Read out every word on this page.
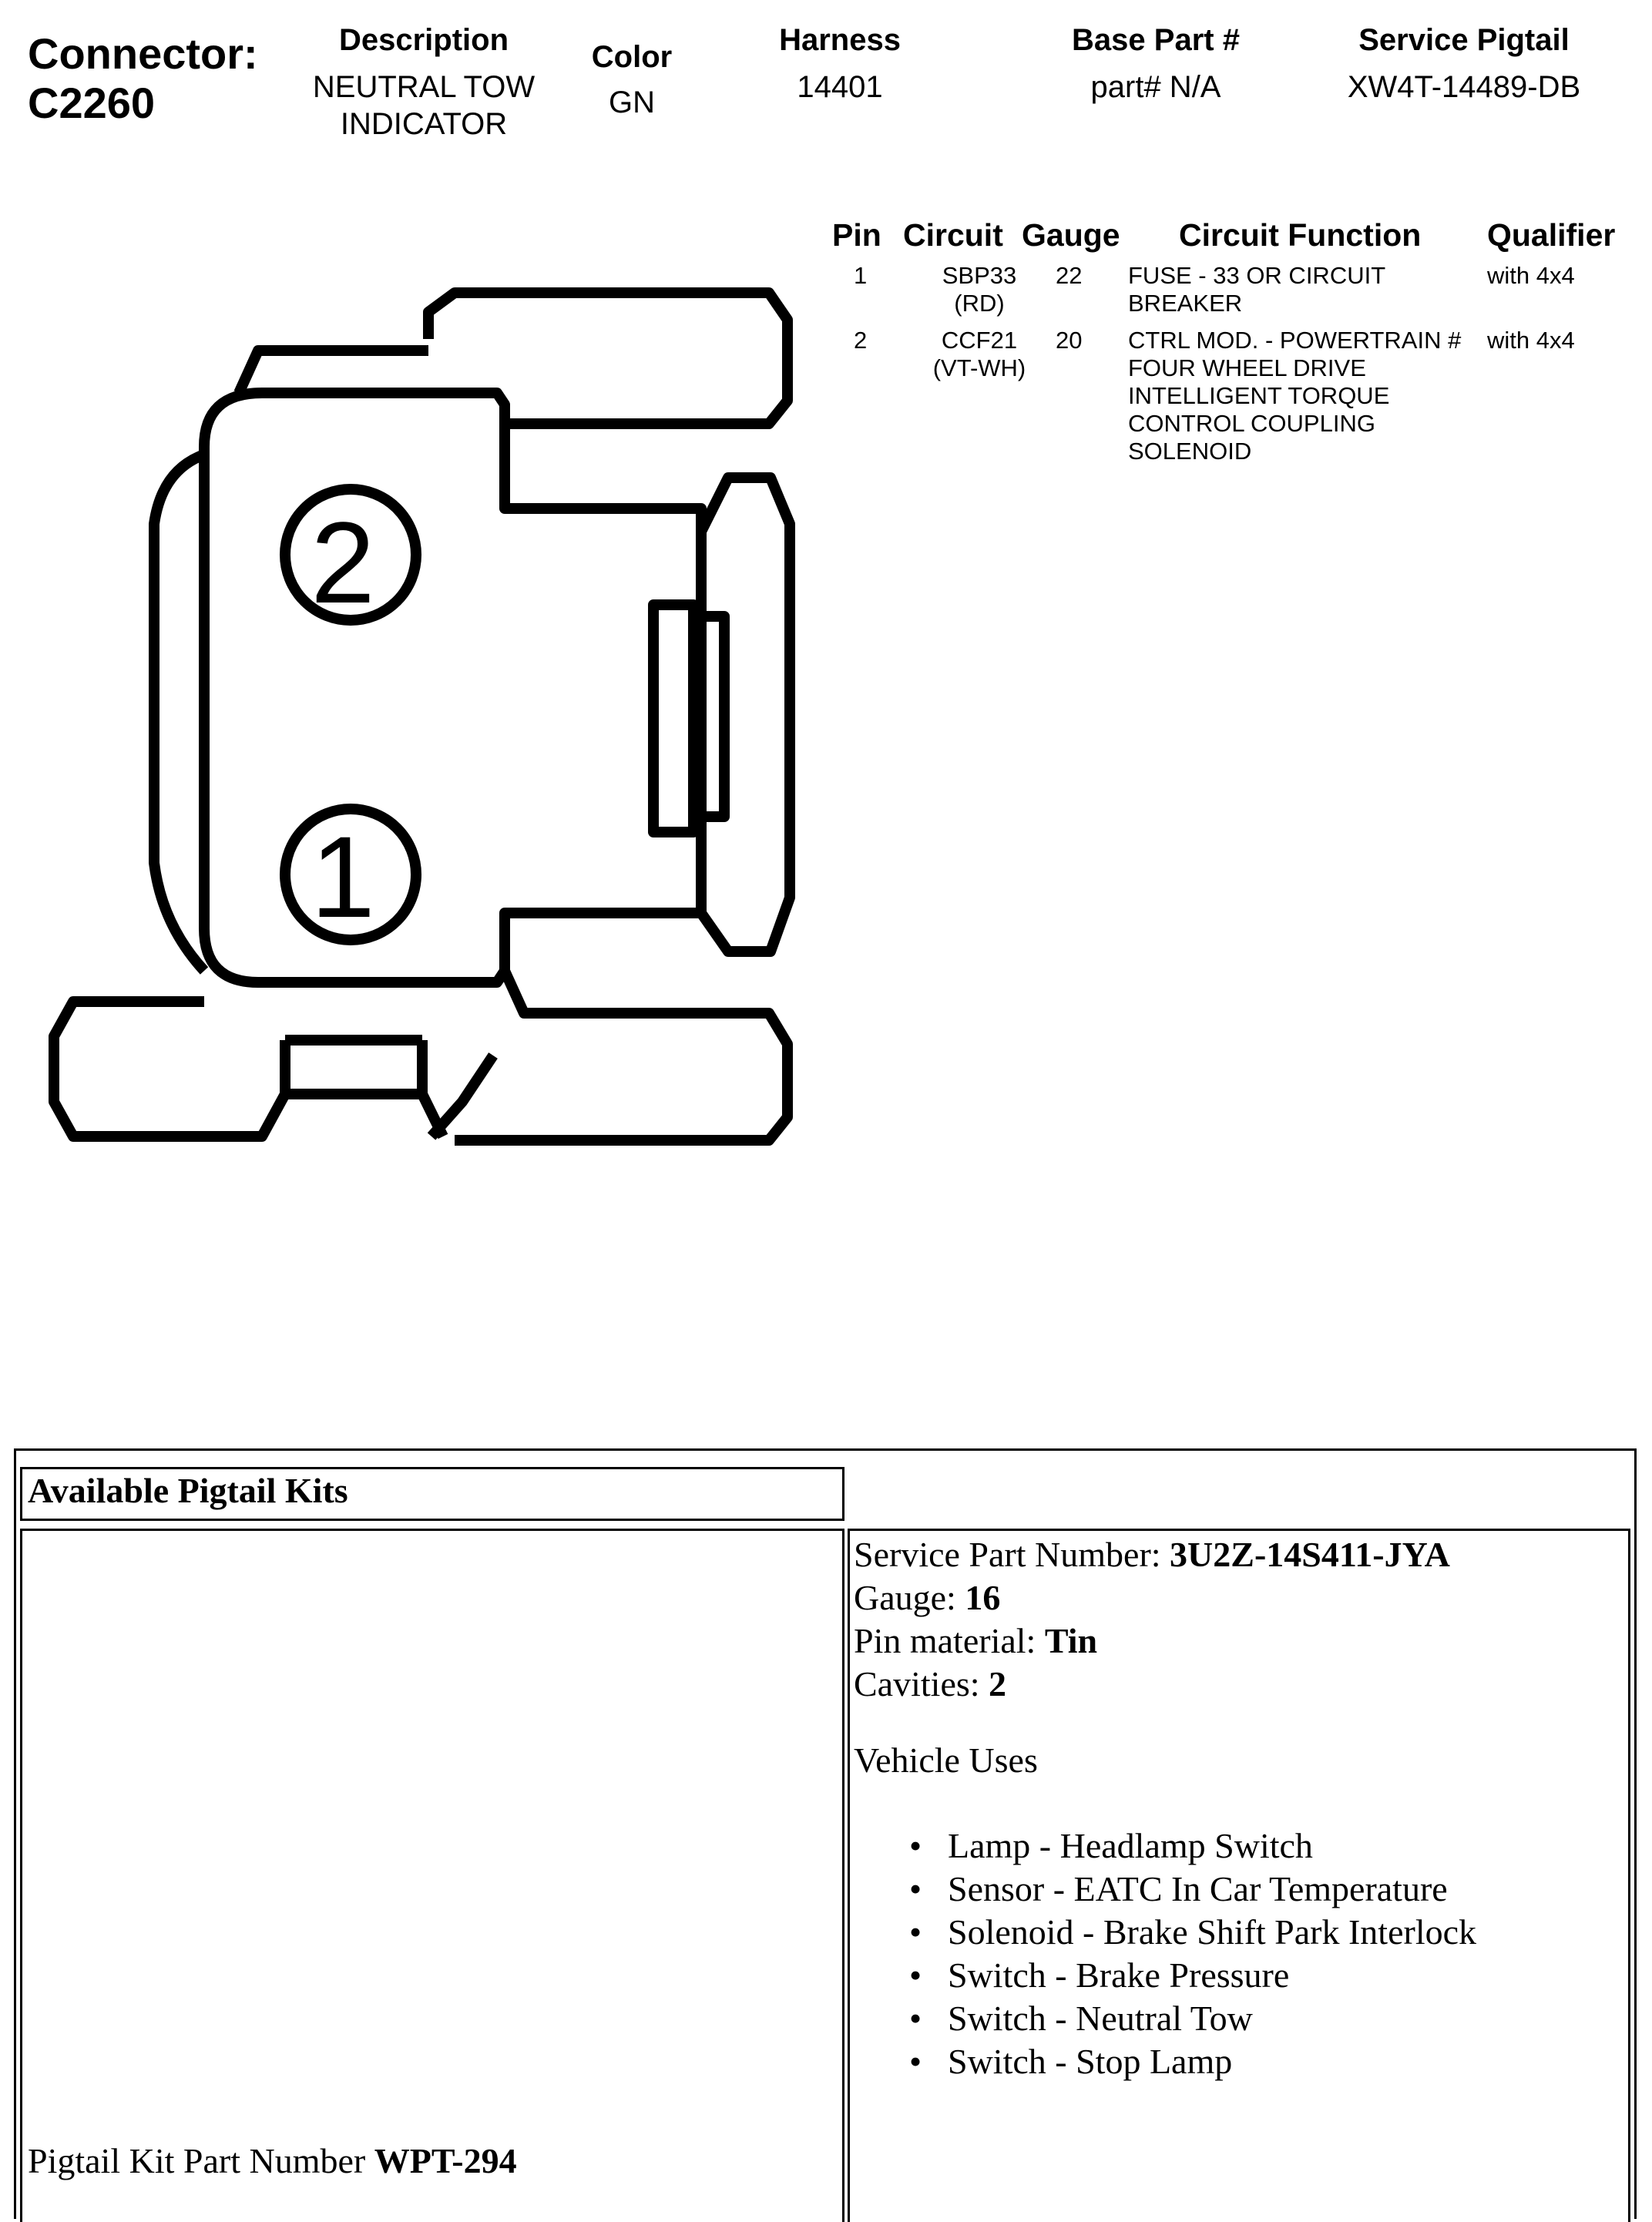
Connector:
C2260
Description
NEUTRAL TOW
INDICATOR
Color
GN
Harness
14401
Base Part #
part# N/A
Service Pigtail
XW4T-14489-DB
2
1
Pin Circuit Gauge Circuit Function Qualifier
1	SBP33
(RD)
22 FUSE - 33 OR CIRCUIT
BREAKER
with 4x4
2	CCF21
(VT-WH)
20 CTRL MOD. - POWERTRAIN #
FOUR WHEEL DRIVE
INTELLIGENT TORQUE
CONTROL COUPLING
SOLENOID
with 4x4
Available Pigtail Kits
Pigtail Kit Part Number WPT-294
Service Part Number: 3U2Z-14S411-JYA
Gauge: 16
Pin material: Tin
Cavities: 2
Vehicle Uses
• Lamp - Headlamp Switch
• Sensor - EATC In Car Temperature
• Solenoid - Brake Shift Park Interlock
• Switch - Brake Pressure
• Switch - Neutral Tow
• Switch - Stop Lamp
